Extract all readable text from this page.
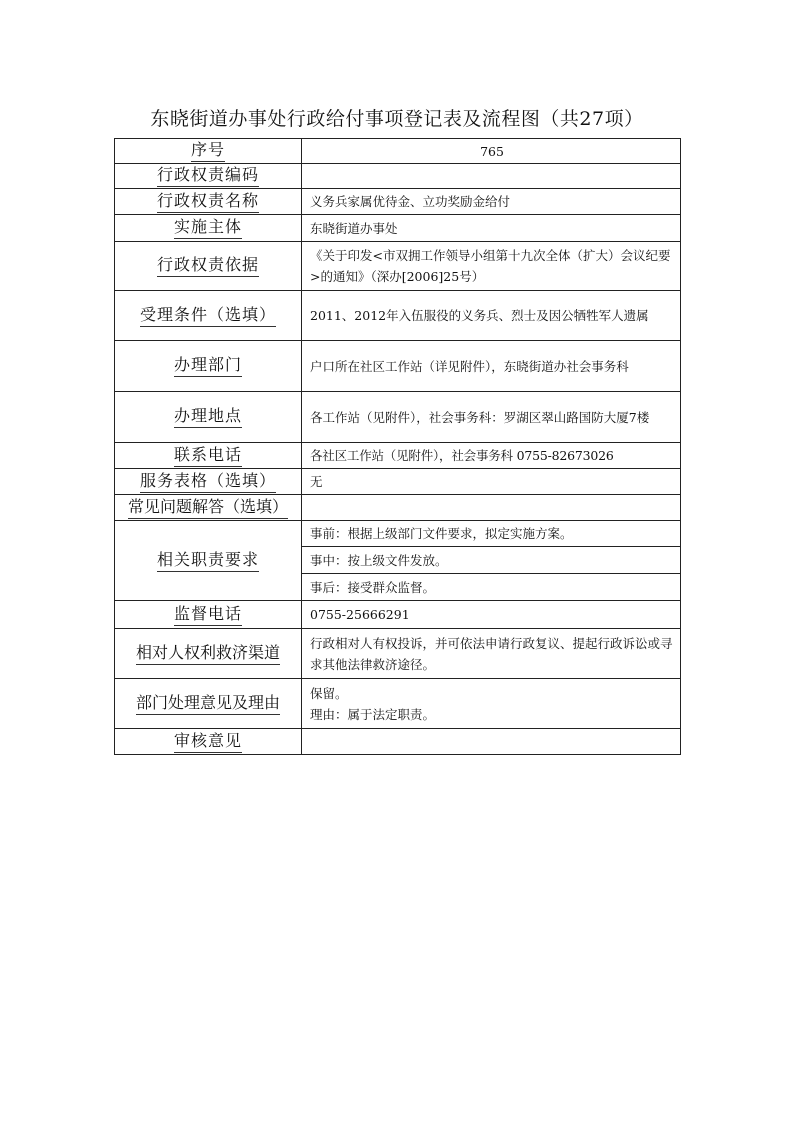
东晓街道办事处行政给付事项登记表及流程图（共27项）
序号	765
行政权责编码	
行政权责名称	义务兵家属优待金、立功奖励金给付
实施主体	东晓街道办事处
行政权责依据	《关于印发<市双拥工作领导小组第十九次全体（扩大）会议纪要>的通知》（深办[2006]25号）
受理条件（选填）	2011、2012年入伍服役的义务兵、烈士及因公牺牲军人遗属
办理部门	户口所在社区工作站（详见附件），东晓街道办社会事务科
办理地点	各工作站（见附件），社会事务科：罗湖区翠山路国防大厦7楼
联系电话	各社区工作站（见附件），社会事务科 0755-82673026
服务表格（选填）	无
常见问题解答（选填）	
相关职责要求	事前：根据上级部门文件要求，拟定实施方案。
	事中：按上级文件发放。
	事后：接受群众监督。
监督电话	0755-25666291
相对人权利救济渠道	行政相对人有权投诉，并可依法申请行政复议、提起行政诉讼或寻求其他法律救济途径。
部门处理意见及理由	保留。
理由：属于法定职责。

审核意见	
